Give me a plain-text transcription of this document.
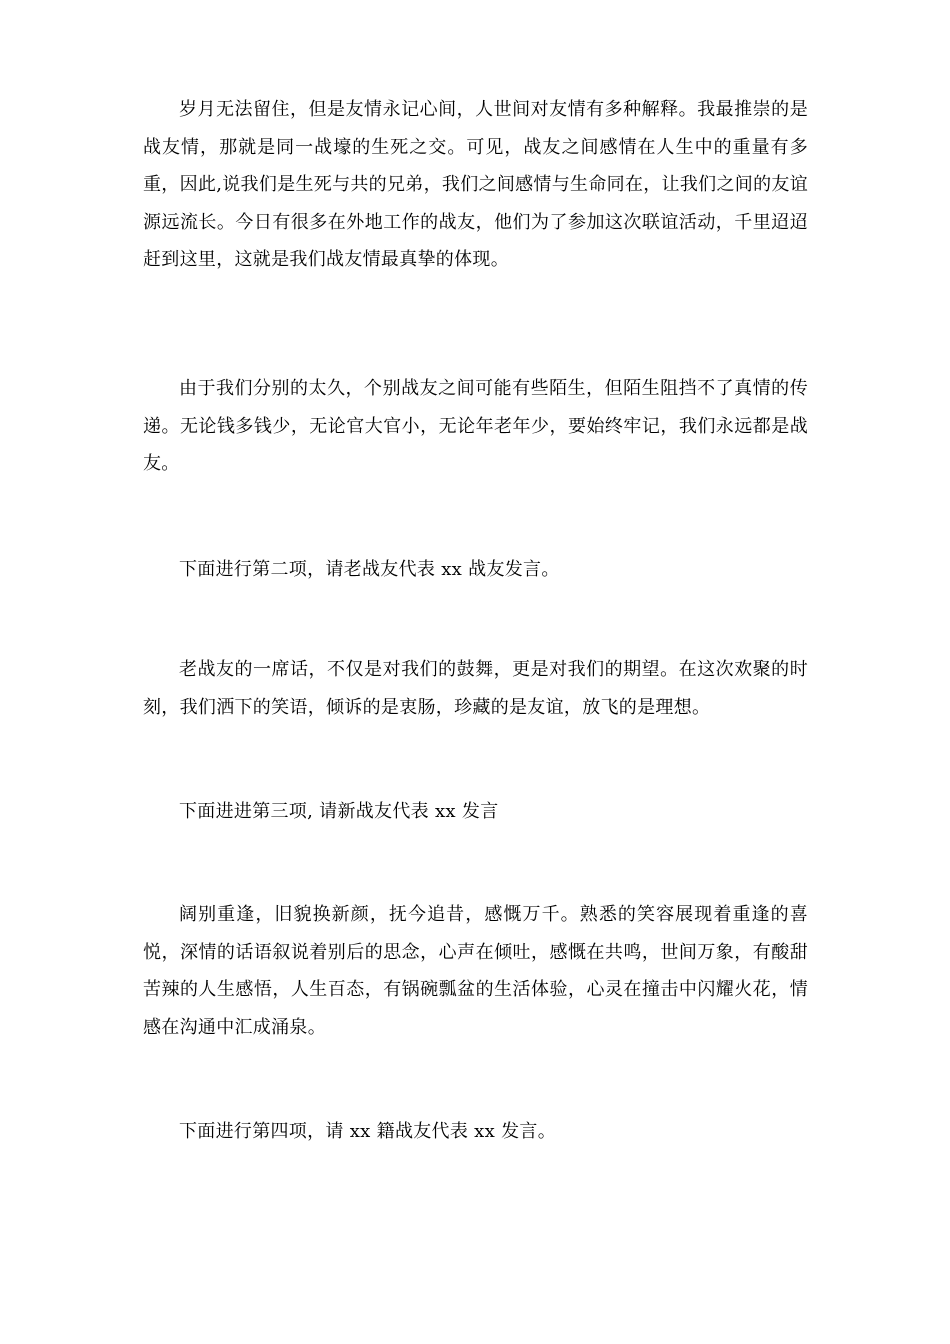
岁月无法留住，但是友情永记心间，人世间对友情有多种解释。我最推崇的是战友情，那就是同一战壕的生死之交。可见，战友之间感情在人生中的重量有多重，因此,说我们是生死与共的兄弟，我们之间感情与生命同在，让我们之间的友谊源远流长。今日有很多在外地工作的战友，他们为了参加这次联谊活动，千里迢迢赶到这里，这就是我们战友情最真挚的体现。

由于我们分别的太久，个别战友之间可能有些陌生，但陌生阻挡不了真情的传递。无论钱多钱少，无论官大官小，无论年老年少，要始终牢记，我们永远都是战友。

下面进行第二项，请老战友代表 xx 战友发言。

老战友的一席话，不仅是对我们的鼓舞，更是对我们的期望。在这次欢聚的时刻，我们洒下的笑语，倾诉的是衷肠，珍藏的是友谊，放飞的是理想。

下面进进第三项, 请新战友代表 xx 发言

阔别重逢，旧貌换新颜，抚今追昔，感慨万千。熟悉的笑容展现着重逢的喜悦，深情的话语叙说着别后的思念，心声在倾吐，感慨在共鸣，世间万象，有酸甜苦辣的人生感悟，人生百态，有锅碗瓢盆的生活体验，心灵在撞击中闪耀火花，情感在沟通中汇成涌泉。

下面进行第四项，请 xx 籍战友代表 xx 发言。
